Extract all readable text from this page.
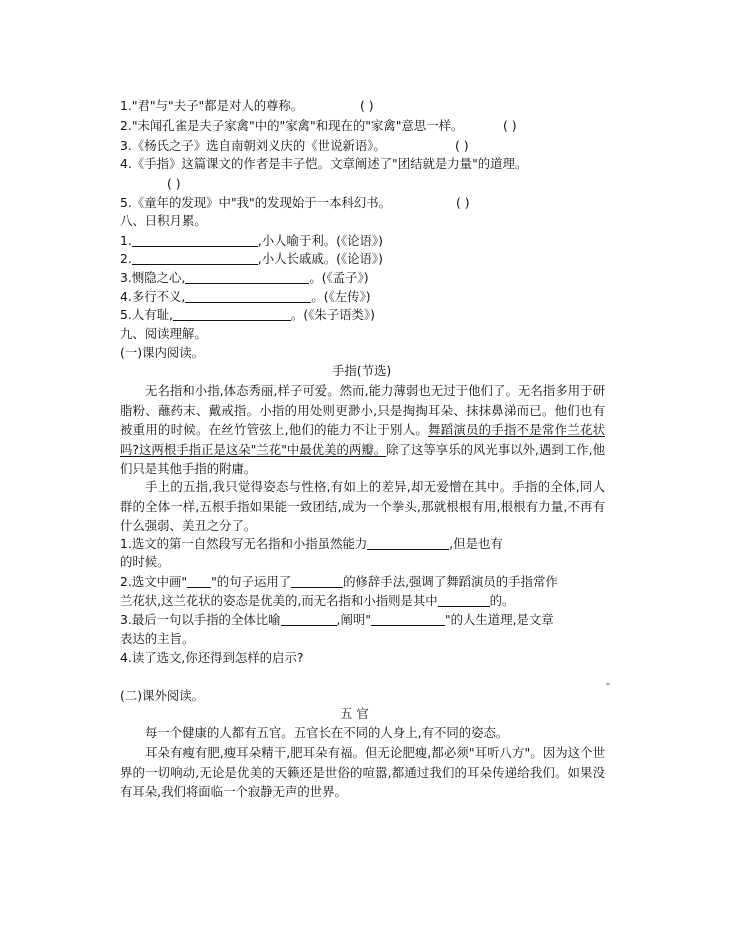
1."君"与"夫子"都是对人的尊称。	( )
2."未闻孔雀是夫子家禽"中的"家禽"和现在的"家禽"意思一样。	( )
3.《杨氏之子》选自南朝刘义庆的《世说新语》。	( )
4.《手指》这篇课文的作者是丰子恺。文章阐述了"团结就是力量"的道理。
( )
5.《童年的发现》中"我"的发现始于一本科幻书。	( )
八、日积月累。
1.	,小人喻于利。(《论语》)
2.	,小人长戚戚。(《论语》)
3.恻隐之心,	。(《孟子》)
4.多行不义,	。(《左传》)
5.人有耻,	。(《朱子语类》)
九、阅读理解。
(一)课内阅读。
手指(节选)

无名指和小指,体态秀丽,样子可爱。然而,能力薄弱也无过于他们了。无名指多用于研脂粉、蘸药末、戴戒指。小指的用处则更渺小,只是掏掏耳朵、抹抹鼻涕而已。他们也有被重用的时候。在丝竹管弦上,他们的能力不让于别人。舞蹈演员的手指不是常作兰花状吗?这两根手指正是这朵"兰花"中最优美的两瓣。除了这等享乐的风光事以外,遇到工作,他们只是其他手指的附庸。

手上的五指,我只觉得姿态与性格,有如上的差异,却无爱憎在其中。手指的全体,同人群的全体一样,五根手指如果能一致团结,成为一个拳头,那就根根有用,根根有力量,不再有什么强弱、美丑之分了。

1.选文的第一自然段写无名指和小指虽然能力	,但是也有
的时候。
2.选文中画" "的句子运用了	的修辞手法,强调了舞蹈演员的手指常作
兰花状,这兰花状的姿态是优美的,而无名指和小指则是其中	的。
3.最后一句以手指的全体比喻	,阐明"	"的人生道理,是文章
表达的主旨。
4.读了选文,你还得到怎样的启示?
-
(二)课外阅读。
五 官

每一个健康的人都有五官。五官长在不同的人身上,有不同的姿态。

耳朵有瘦有肥,瘦耳朵精干,肥耳朵有福。但无论肥瘦,都必须"耳听八方"。因为这个世界的一切响动,无论是优美的天籁还是世俗的喧嚣,都通过我们的耳朵传递给我们。如果没有耳朵,我们将面临一个寂静无声的世界。
